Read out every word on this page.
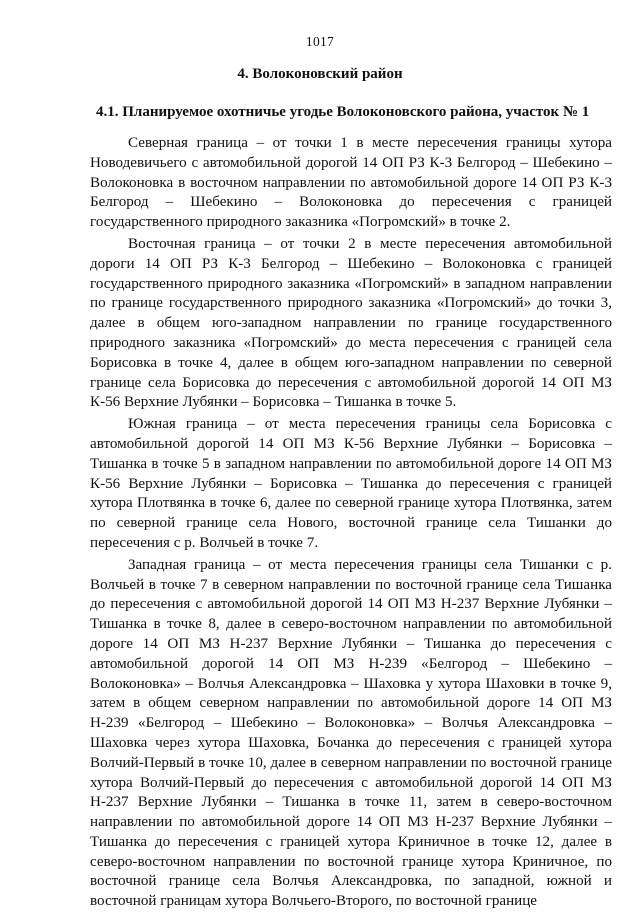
1017
4. Волоконовский район
4.1. Планируемое охотничье угодье Волоконовского района, участок № 1

Северная граница – от точки 1 в месте пересечения границы хутора Новодевичьего с автомобильной дорогой 14 ОП РЗ К-3 Белгород – Шебекино – Волоконовка в восточном направлении по автомобильной дороге 14 ОП РЗ К-3 Белгород – Шебекино – Волоконовка до пересечения с границей государственного природного заказника «Погромский» в точке 2.

Восточная граница – от точки 2 в месте пересечения автомобильной дороги 14 ОП РЗ К-3 Белгород – Шебекино – Волоконовка с границей государственного природного заказника «Погромский» в западном направлении по границе государственного природного заказника «Погромский» до точки 3, далее в общем юго-западном направлении по границе государственного природного заказника «Погромский» до места пересечения с границей села Борисовка в точке 4, далее в общем юго-западном направлении по северной границе села Борисовка до пересечения с автомобильной дорогой 14 ОП МЗ К-56 Верхние Лубянки – Борисовка – Тишанка в точке 5.

Южная граница – от места пересечения границы села Борисовка с автомобильной дорогой 14 ОП МЗ К-56 Верхние Лубянки – Борисовка – Тишанка в точке 5 в западном направлении по автомобильной дороге 14 ОП МЗ К-56 Верхние Лубянки – Борисовка – Тишанка до пересечения с границей хутора Плотвянка в точке 6, далее по северной границе хутора Плотвянка, затем по северной границе села Нового, восточной границе села Тишанки до пересечения с р. Волчьей в точке 7.

Западная граница – от места пересечения границы села Тишанки с р. Волчьей в точке 7 в северном направлении по восточной границе села Тишанка до пересечения с автомобильной дорогой 14 ОП МЗ Н-237 Верхние Лубянки – Тишанка в точке 8, далее в северо-восточном направлении по автомобильной дороге 14 ОП МЗ Н-237 Верхние Лубянки – Тишанка до пересечения с автомобильной дорогой 14 ОП МЗ Н-239 «Белгород – Шебекино – Волоконовка» – Волчья Александровка – Шаховка у хутора Шаховки в точке 9, затем в общем северном направлении по автомобильной дороге 14 ОП МЗ Н-239 «Белгород – Шебекино – Волоконовка» – Волчья Александровка – Шаховка через хутора Шаховка, Бочанка до пересечения с границей хутора Волчий-Первый в точке 10, далее в северном направлении по восточной границе хутора Волчий-Первый до пересечения с автомобильной дорогой 14 ОП МЗ Н-237 Верхние Лубянки – Тишанка в точке 11, затем в северо-восточном направлении по автомобильной дороге 14 ОП МЗ Н-237 Верхние Лубянки – Тишанка до пересечения с границей хутора Криничное в точке 12, далее в северо-восточном направлении по восточной границе хутора Криничное, по восточной границе села Волчья Александровка, по западной, южной и восточной границам хутора Волчьего-Второго, по восточной границе
